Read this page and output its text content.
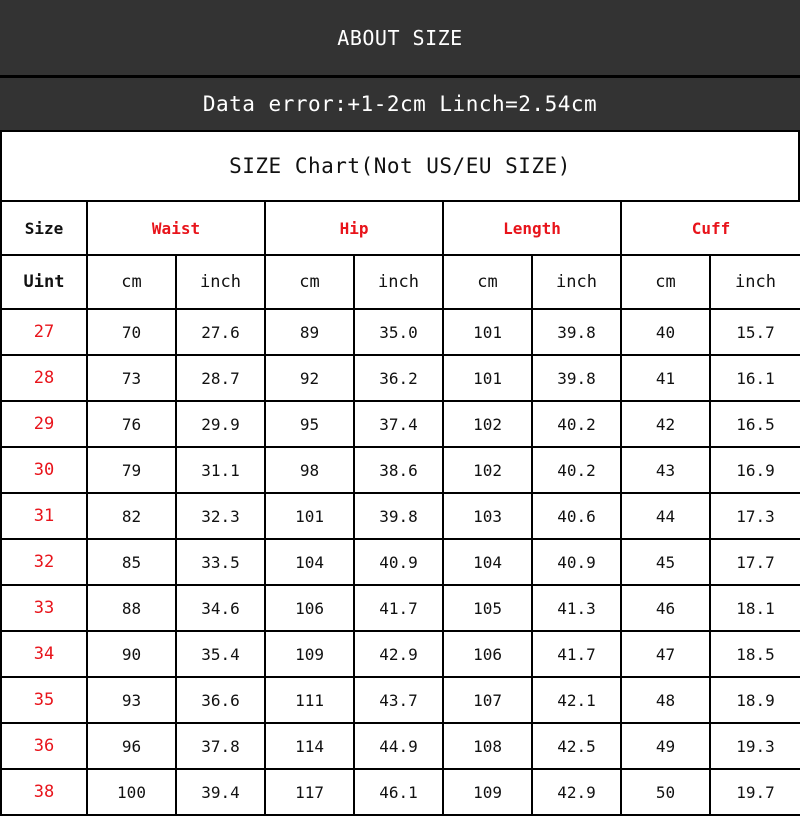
ABOUT SIZE
Data error:+1-2cm Linch=2.54cm
SIZE Chart(Not US/EU SIZE)
Size	Waist		Hip		Length		Cuff	
Uint	cm	inch	cm	inch	cm	inch	cm	inch
27	70	27.6	89	35.0	101	39.8	40	15.7
28	73	28.7	92	36.2	101	39.8	41	16.1
29	76	29.9	95	37.4	102	40.2	42	16.5
30	79	31.1	98	38.6	102	40.2	43	16.9
31	82	32.3	101	39.8	103	40.6	44	17.3
32	85	33.5	104	40.9	104	40.9	45	17.7
33	88	34.6	106	41.7	105	41.3	46	18.1
34	90	35.4	109	42.9	106	41.7	47	18.5
35	93	36.6	111	43.7	107	42.1	48	18.9
36	96	37.8	114	44.9	108	42.5	49	19.3
38	100	39.4	117	46.1	109	42.9	50	19.7
